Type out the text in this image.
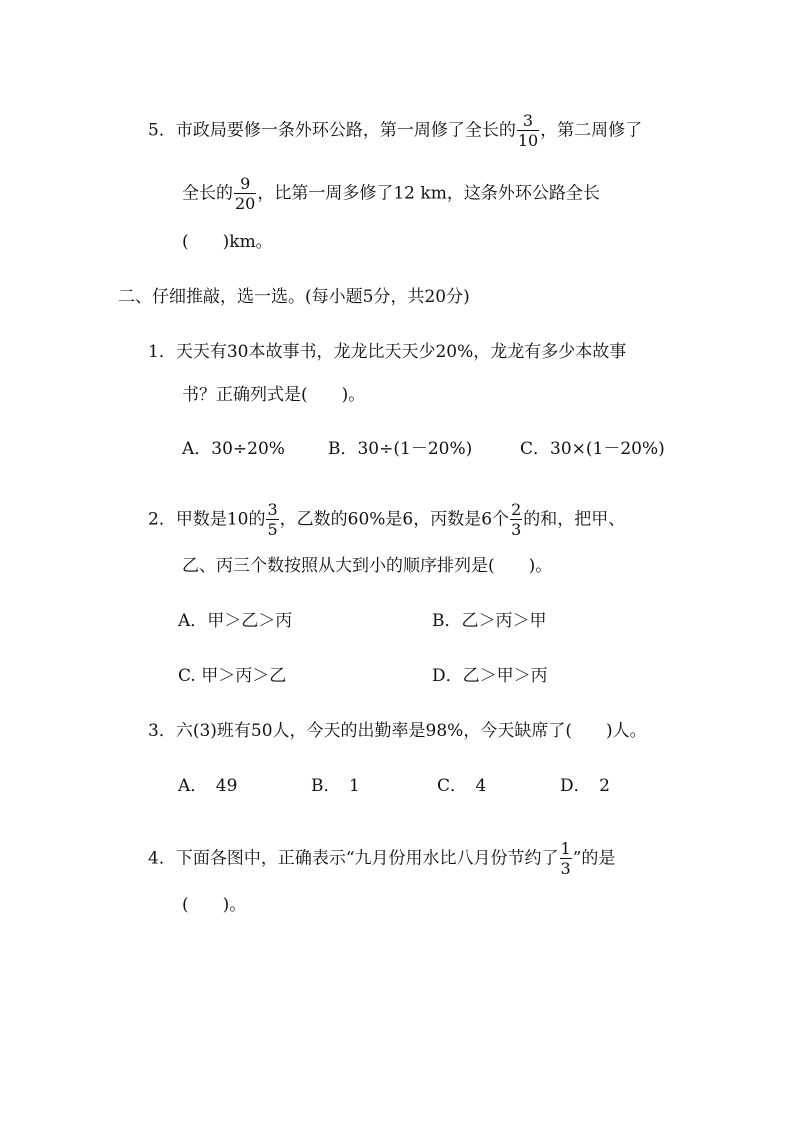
5．市政局要修一条外环公路，第一周修了全长的 $\frac{3}{10}$ ，第二周修了
全长的 $\frac{9}{20}$ ，比第一周多修了12 km，这条外环公路全长
(　　)km。
二、仔细推敲，选一选。(每小题5分，共20分)
1．天天有30本故事书，龙龙比天天少20%，龙龙有多少本故事
书？正确列式是(　　)。
A．30÷20%	B．30÷(1－20%)	C．30×(1－20%)
2．甲数是10的 $\frac{3}{5}$ ，乙数的60%是6，丙数是6个 $\frac{2}{3}$ 的和，把甲、
乙、丙三个数按照从大到小的顺序排列是(　　)。
A．甲＞乙＞丙	B．乙＞丙＞甲
C. 甲＞丙＞乙	D．乙＞甲＞丙
3．六(3)班有50人，今天的出勤率是98%，今天缺席了(　　)人。
A．　49	B．　1	C．　4	D．　2
4．下面各图中，正确表示“九月份用水比八月份节约了 $\frac{1}{3}$ ”的是
(　　)。
